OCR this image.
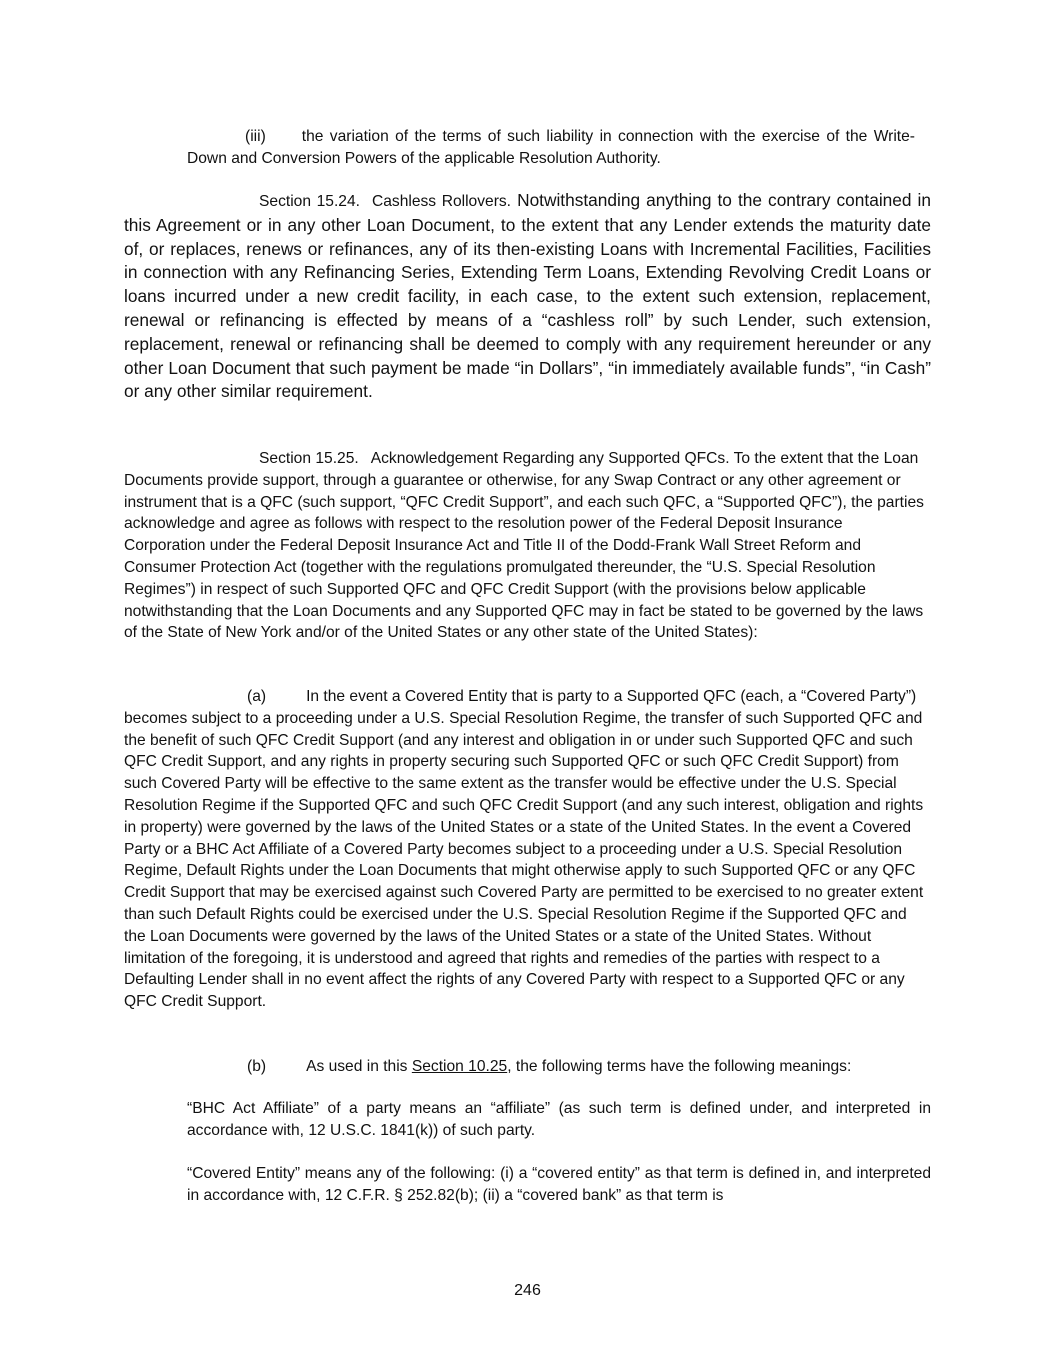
(iii) the variation of the terms of such liability in connection with the exercise of the Write-Down and Conversion Powers of the applicable Resolution Authority.

Section 15.24. Cashless Rollovers. Notwithstanding anything to the contrary contained in this Agreement or in any other Loan Document, to the extent that any Lender extends the maturity date of, or replaces, renews or refinances, any of its then-existing Loans with Incremental Facilities, Facilities in connection with any Refinancing Series, Extending Term Loans, Extending Revolving Credit Loans or loans incurred under a new credit facility, in each case, to the extent such extension, replacement, renewal or refinancing is effected by means of a “cashless roll” by such Lender, such extension, replacement, renewal or refinancing shall be deemed to comply with any requirement hereunder or any other Loan Document that such payment be made “in Dollars”, “in immediately available funds”, “in Cash” or any other similar requirement.

Section 15.25. Acknowledgement Regarding any Supported QFCs. To the extent that the Loan Documents provide support, through a guarantee or otherwise, for any Swap Contract or any other agreement or instrument that is a QFC (such support, “QFC Credit Support”, and each such QFC, a “Supported QFC”), the parties acknowledge and agree as follows with respect to the resolution power of the Federal Deposit Insurance Corporation under the Federal Deposit Insurance Act and Title II of the Dodd-Frank Wall Street Reform and Consumer Protection Act (together with the regulations promulgated thereunder, the “U.S. Special Resolution Regimes”) in respect of such Supported QFC and QFC Credit Support (with the provisions below applicable notwithstanding that the Loan Documents and any Supported QFC may in fact be stated to be governed by the laws of the State of New York and/or of the United States or any other state of the United States):

(a)	In the event a Covered Entity that is party to a Supported QFC (each, a “Covered Party”) becomes subject to a proceeding under a U.S. Special Resolution Regime, the transfer of such Supported QFC and the benefit of such QFC Credit Support (and any interest and obligation in or under such Supported QFC and such QFC Credit Support, and any rights in property securing such Supported QFC or such QFC Credit Support) from such Covered Party will be effective to the same extent as the transfer would be effective under the U.S. Special Resolution Regime if the Supported QFC and such QFC Credit Support (and any such interest, obligation and rights in property) were governed by the laws of the United States or a state of the United States. In the event a Covered Party or a BHC Act Affiliate of a Covered Party becomes subject to a proceeding under a U.S. Special Resolution Regime, Default Rights under the Loan Documents that might otherwise apply to such Supported QFC or any QFC Credit Support that may be exercised against such Covered Party are permitted to be exercised to no greater extent than such Default Rights could be exercised under the U.S. Special Resolution Regime if the Supported QFC and the Loan Documents were governed by the laws of the United States or a state of the United States. Without limitation of the foregoing, it is understood and agreed that rights and remedies of the parties with respect to a Defaulting Lender shall in no event affect the rights of any Covered Party with respect to a Supported QFC or any QFC Credit Support.

(b)	As used in this Section 10.25, the following terms have the following meanings:

“BHC Act Affiliate” of a party means an “affiliate” (as such term is defined under, and interpreted in accordance with, 12 U.S.C. 1841(k)) of such party.

“Covered Entity” means any of the following: (i) a “covered entity” as that term is defined in, and interpreted in accordance with, 12 C.F.R. § 252.82(b); (ii) a “covered bank” as that term is

246
